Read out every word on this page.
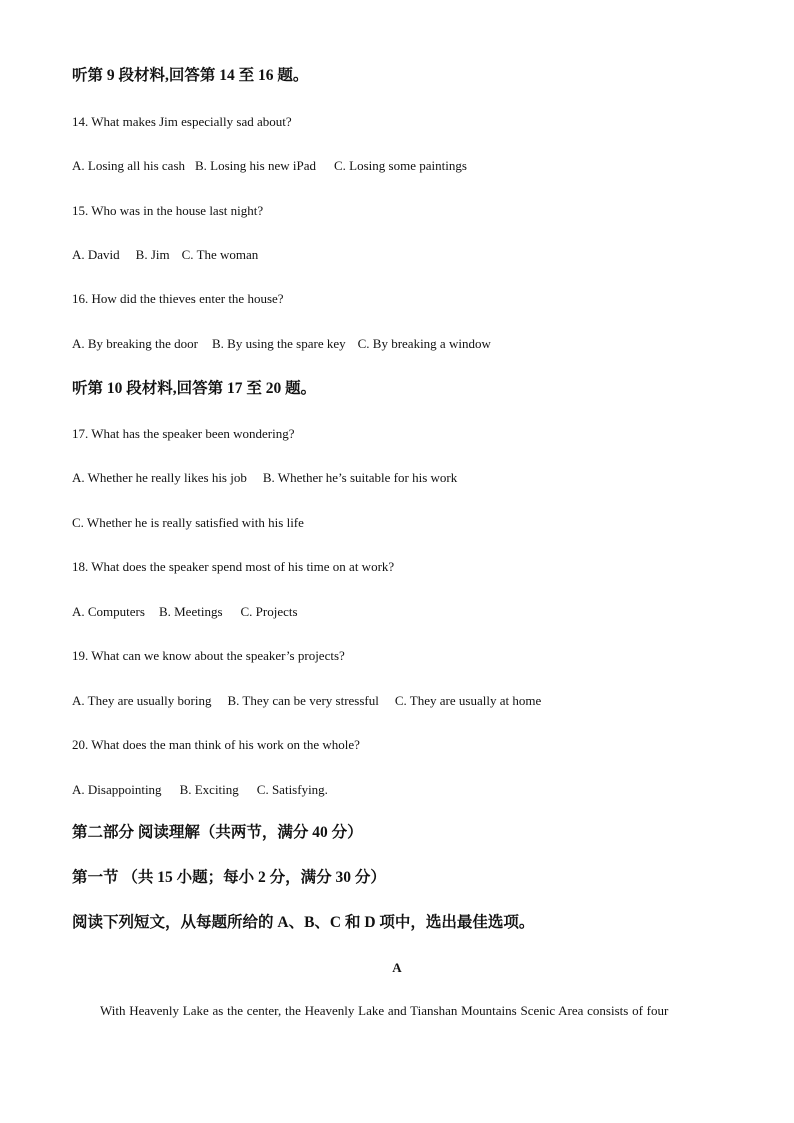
听第 9 段材料,回答第 14 至 16 题。
14. What makes Jim especially sad about?
A. Losing all his cash B. Losing his new iPad C. Losing some paintings
15. Who was in the house last night?
A. David B. Jim C. The woman
16. How did the thieves enter the house?
A. By breaking the door B. By using the spare key C. By breaking a window
听第 10 段材料,回答第 17 至 20 题。
17. What has the speaker been wondering?
A. Whether he really likes his job B. Whether he’s suitable for his work
C. Whether he is really satisfied with his life
18. What does the speaker spend most of his time on at work?
A. Computers B. Meetings C. Projects
19. What can we know about the speaker’s projects?
A. They are usually boring B. They can be very stressful C. They are usually at home
20. What does the man think of his work on the whole?
A. Disappointing B. Exciting C. Satisfying.
第二部分 阅读理解（共两节，满分 40 分）
第一节 （共 15 小题；每小 2 分，满分 30 分）
阅读下列短文，从每题所给的 A、B、C 和 D 项中，选出最佳选项。
A
With Heavenly Lake as the center, the Heavenly Lake and Tianshan Mountains Scenic Area consists of four
